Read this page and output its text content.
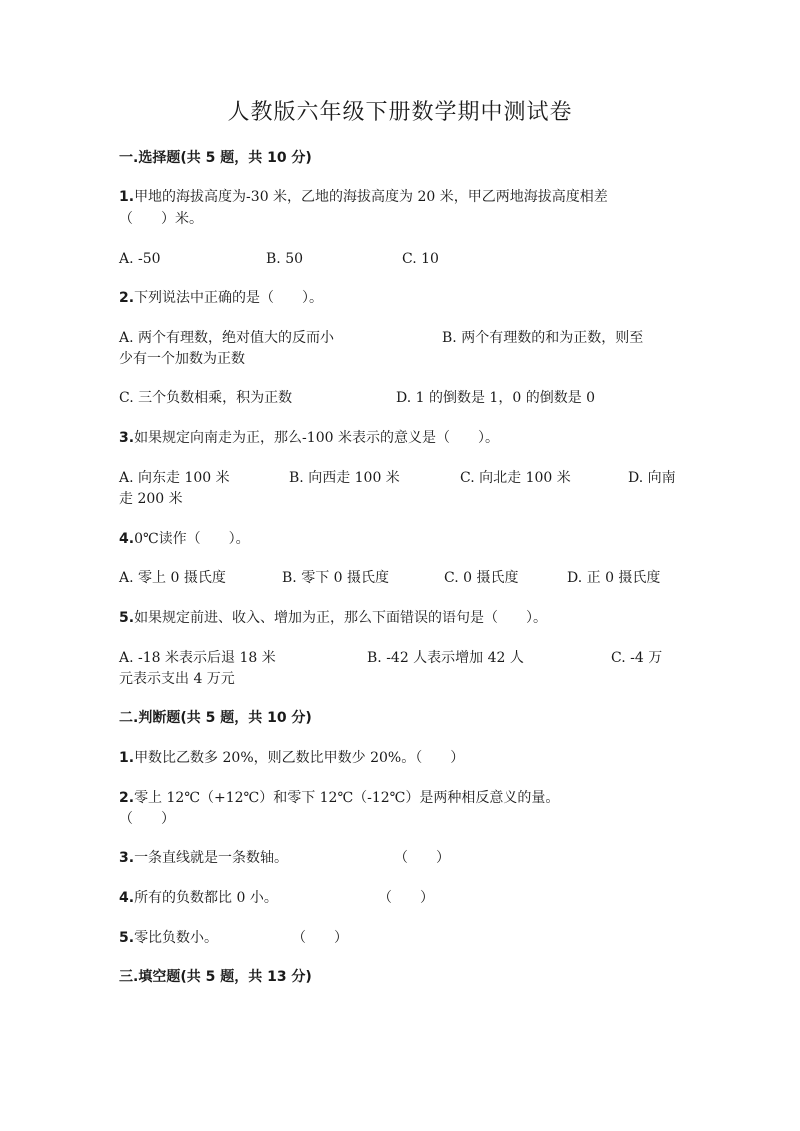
人教版六年级下册数学期中测试卷
一.选择题(共 5 题，共 10 分)
1.甲地的海拔高度为-30 米，乙地的海拔高度为 20 米，甲乙两地海拔高度相差
（　　）米。
A. -50	B. 50	C. 10
2.下列说法中正确的是（　　）。
A. 两个有理数，绝对值大的反而小	B. 两个有理数的和为正数，则至
少有一个加数为正数
C. 三个负数相乘，积为正数	D. 1 的倒数是 1，0 的倒数是 0
3.如果规定向南走为正，那么-100 米表示的意义是（　　）。
A. 向东走 100 米	B. 向西走 100 米	C. 向北走 100 米	D. 向南
走 200 米
4.0℃读作（　　）。
A. 零上 0 摄氏度	B. 零下 0 摄氏度	C. 0 摄氏度	D. 正 0 摄氏度
5.如果规定前进、收入、增加为正，那么下面错误的语句是（　　）。
A. -18 米表示后退 18 米	B. -42 人表示增加 42 人	C. -4 万
元表示支出 4 万元
二.判断题(共 5 题，共 10 分)
1.甲数比乙数多 20%，则乙数比甲数少 20%。（　　）
2.零上 12℃（+12℃）和零下 12℃（-12℃）是两种相反意义的量。
（　　）
3.一条直线就是一条数轴。	（　　）
4.所有的负数都比 0 小。	（　　）
5.零比负数小。	（　　）
三.填空题(共 5 题，共 13 分)
